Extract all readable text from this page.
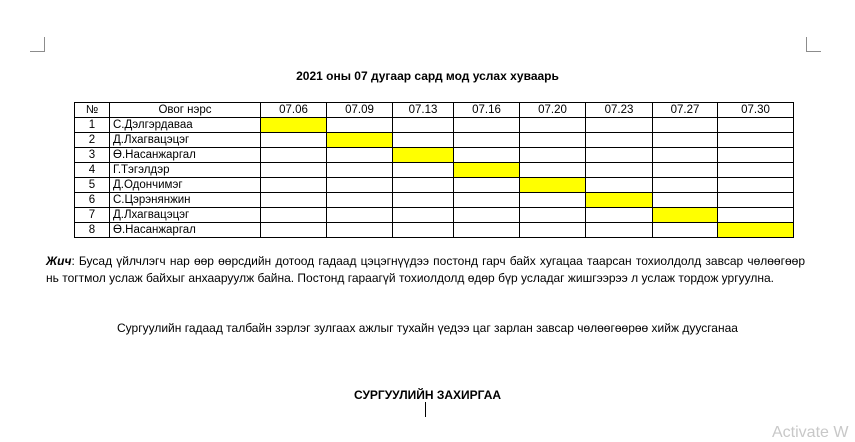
2021 оны 07 дугаар сард мод услах хуваарь
№	Овог нэрс	07.06	07.09	07.13	07.16	07.20	07.23	07.27	07.30
1	С.Дэлгэрдаваа								
2	Д.Лхагвацэцэг								
3	Ө.Насанжаргал								
4	Г.Тэгэлдэр								
5	Д.Одончимэг								
6	С.Цэрэнянжин								
7	Д.Лхагвацэцэг								
8	Ө.Насанжаргал								
Жич: Бусад үйлчлэгч нар өөр өөрсдийн дотоод гадаад цэцэгнүүдээ постонд гарч байх хугацаа таарсан тохиолдолд завсар чөлөөгөөр нь тогтмол услаж байхыг анхааруулж байна. Постонд гараагүй тохиолдолд өдөр бүр усладаг жишгээрээ л услаж тордож ургуулна.
Сургуулийн гадаад талбайн зэрлэг зулгаах ажлыг тухайн үедээ цаг зарлан завсар чөлөөгөөрөө хийж дуусганаа
СУРГУУЛИЙН ЗАХИРГАА
Activate W
